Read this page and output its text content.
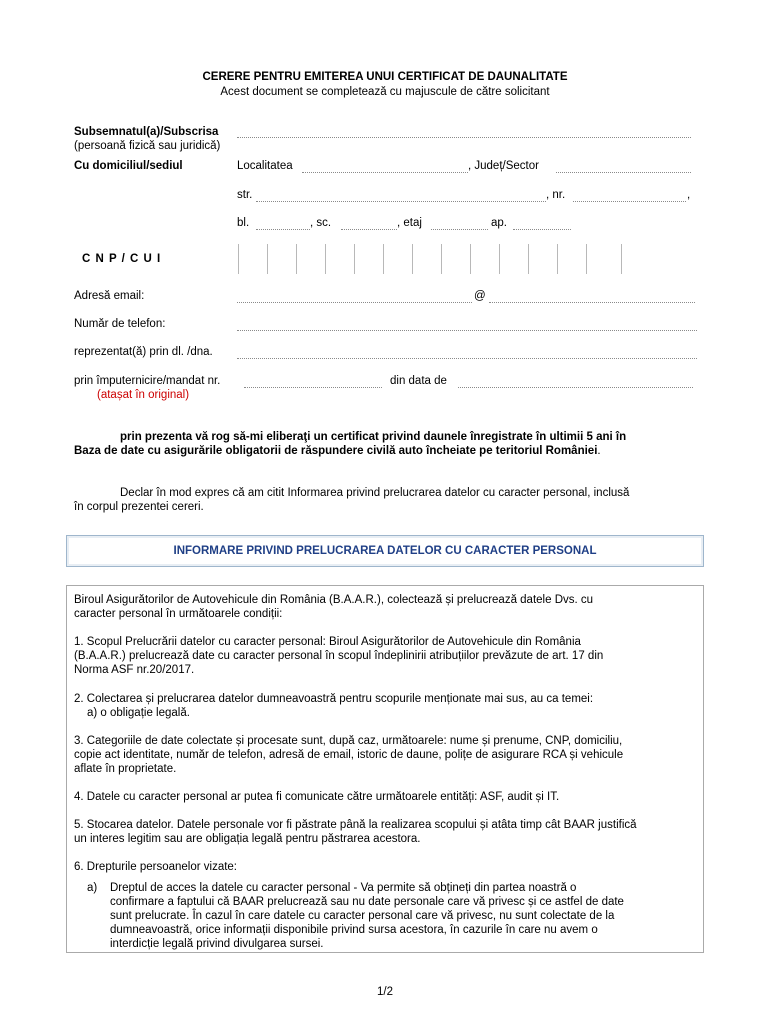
CERERE PENTRU EMITEREA UNUI CERTIFICAT DE DAUNALITATE
Acest document se completează cu majuscule de către solicitant
Subsemnatul(a)/Subscrisa
(persoană fizică sau juridică)
Cu domiciliul/sediul	Localitatea	, Județ/Sector
str.	, nr.	,
bl.	, sc.	, etaj	ap.
C N P / C U I
Adresă email:	@
Număr de telefon:
reprezentat(ă) prin dl. /dna.
prin împuternicire/mandat nr.	din data de
(atașat în original)
prin prezenta vă rog să-mi eliberaţi un certificat privind daunele înregistrate în ultimii 5 ani în
Baza de date cu asigurările obligatorii de răspundere civilă auto încheiate pe teritoriul României.
Declar în mod expres că am citit Informarea privind prelucrarea datelor cu caracter personal, inclusă
în corpul prezentei cereri.
INFORMARE PRIVIND PRELUCRAREA DATELOR CU CARACTER PERSONAL
Biroul Asigurătorilor de Autovehicule din România (B.A.A.R.), colectează și prelucrează datele Dvs. cu
caracter personal în următoarele condiții:
1. Scopul Prelucrării datelor cu caracter personal: Biroul Asigurătorilor de Autovehicule din România
(B.A.A.R.) prelucrează date cu caracter personal în scopul îndeplinirii atribuțiilor prevăzute de art. 17 din
Norma ASF nr.20/2017.
2. Colectarea și prelucrarea datelor dumneavoastră pentru scopurile menționate mai sus, au ca temei:
a) o obligație legală.
3. Categoriile de date colectate și procesate sunt, după caz, următoarele: nume și prenume, CNP, domiciliu,
copie act identitate, număr de telefon, adresă de email, istoric de daune, polițe de asigurare RCA și vehicule
aflate în proprietate.
4. Datele cu caracter personal ar putea fi comunicate către următoarele entități: ASF, audit și IT.
5. Stocarea datelor. Datele personale vor fi păstrate până la realizarea scopului și atâta timp cât BAAR justifică
un interes legitim sau are obligația legală pentru păstrarea acestora.
6. Drepturile persoanelor vizate:
a) Dreptul de acces la datele cu caracter personal - Va permite să obțineți din partea noastră o
confirmare a faptului că BAAR prelucrează sau nu date personale care vă privesc și ce astfel de date
sunt prelucrate. În cazul în care datele cu caracter personal care vă privesc, nu sunt colectate de la
dumneavoastră, orice informații disponibile privind sursa acestora, în cazurile în care nu avem o
interdicție legală privind divulgarea sursei.
1/2
